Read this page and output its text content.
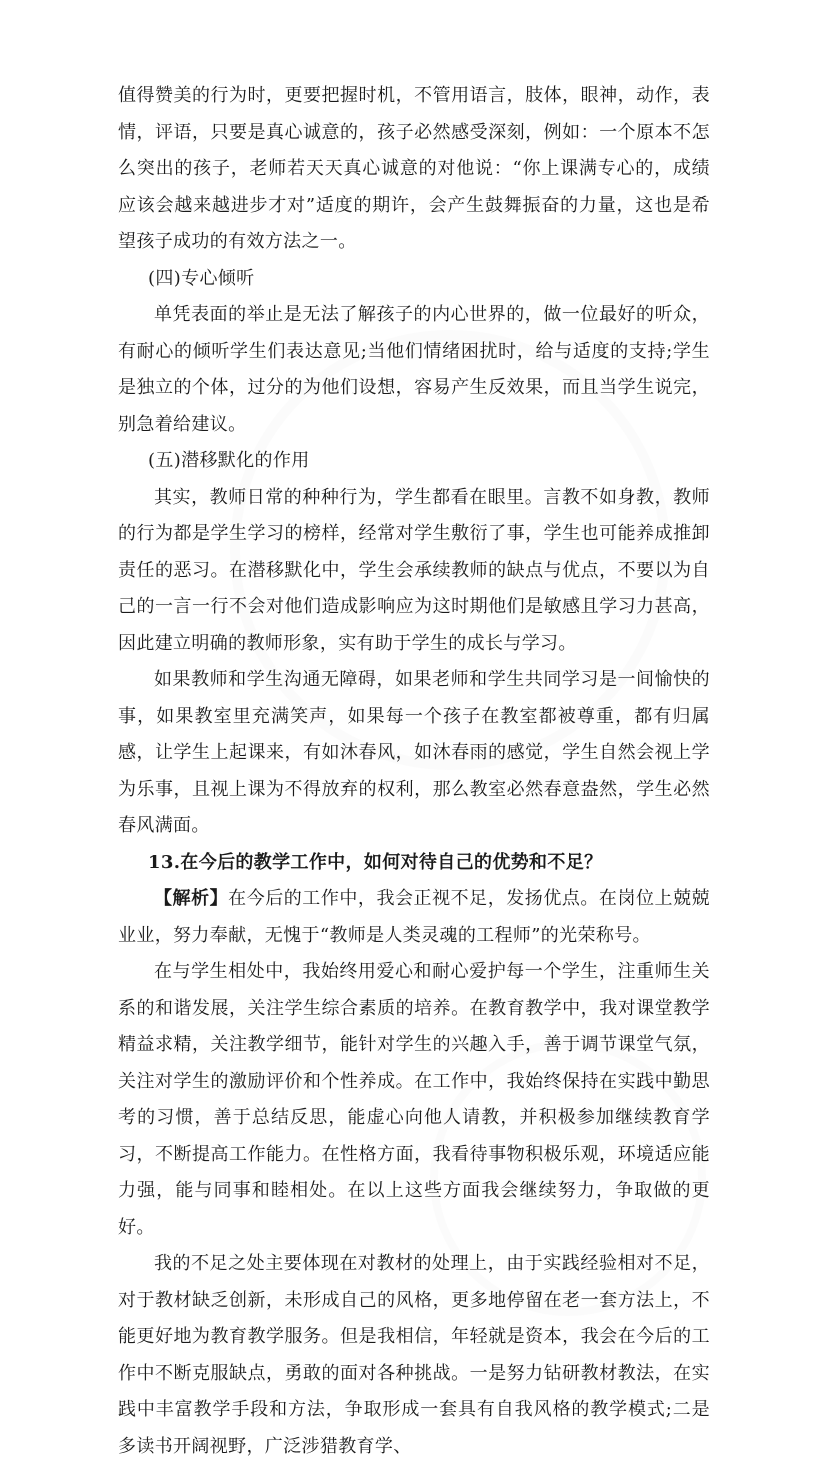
值得赞美的行为时，更要把握时机，不管用语言，肢体，眼神，动作，表情，评语，只要是真心诚意的，孩子必然感受深刻，例如：一个原本不怎么突出的孩子，老师若天天真心诚意的对他说：“你上课满专心的，成绩应该会越来越进步才对”适度的期许，会产生鼓舞振奋的力量，这也是希望孩子成功的有效方法之一。

(四)专心倾听

单凭表面的举止是无法了解孩子的内心世界的，做一位最好的听众，有耐心的倾听学生们表达意见;当他们情绪困扰时，给与适度的支持;学生是独立的个体，过分的为他们设想，容易产生反效果，而且当学生说完，别急着给建议。

(五)潜移默化的作用

其实，教师日常的种种行为，学生都看在眼里。言教不如身教，教师的行为都是学生学习的榜样，经常对学生敷衍了事，学生也可能养成推卸责任的恶习。在潜移默化中，学生会承续教师的缺点与优点，不要以为自己的一言一行不会对他们造成影响应为这时期他们是敏感且学习力甚高，因此建立明确的教师形象，实有助于学生的成长与学习。

如果教师和学生沟通无障碍，如果老师和学生共同学习是一间愉快的事，如果教室里充满笑声，如果每一个孩子在教室都被尊重，都有归属感，让学生上起课来，有如沐春风，如沐春雨的感觉，学生自然会视上学为乐事，且视上课为不得放弃的权利，那么教室必然春意盎然，学生必然春风满面。

13.在今后的教学工作中，如何对待自己的优势和不足？

【解析】在今后的工作中，我会正视不足，发扬优点。在岗位上兢兢业业，努力奉献，无愧于“教师是人类灵魂的工程师”的光荣称号。

在与学生相处中，我始终用爱心和耐心爱护每一个学生，注重师生关系的和谐发展，关注学生综合素质的培养。在教育教学中，我对课堂教学精益求精，关注教学细节，能针对学生的兴趣入手，善于调节课堂气氛，关注对学生的激励评价和个性养成。在工作中，我始终保持在实践中勤思考的习惯，善于总结反思，能虚心向他人请教，并积极参加继续教育学习，不断提高工作能力。在性格方面，我看待事物积极乐观，环境适应能力强，能与同事和睦相处。在以上这些方面我会继续努力，争取做的更好。

我的不足之处主要体现在对教材的处理上，由于实践经验相对不足，对于教材缺乏创新，未形成自己的风格，更多地停留在老一套方法上，不能更好地为教育教学服务。但是我相信，年轻就是资本，我会在今后的工作中不断克服缺点，勇敢的面对各种挑战。一是努力钻研教材教法，在实践中丰富教学手段和方法，争取形成一套具有自我风格的教学模式;二是多读书开阔视野，广泛涉猎教育学、
